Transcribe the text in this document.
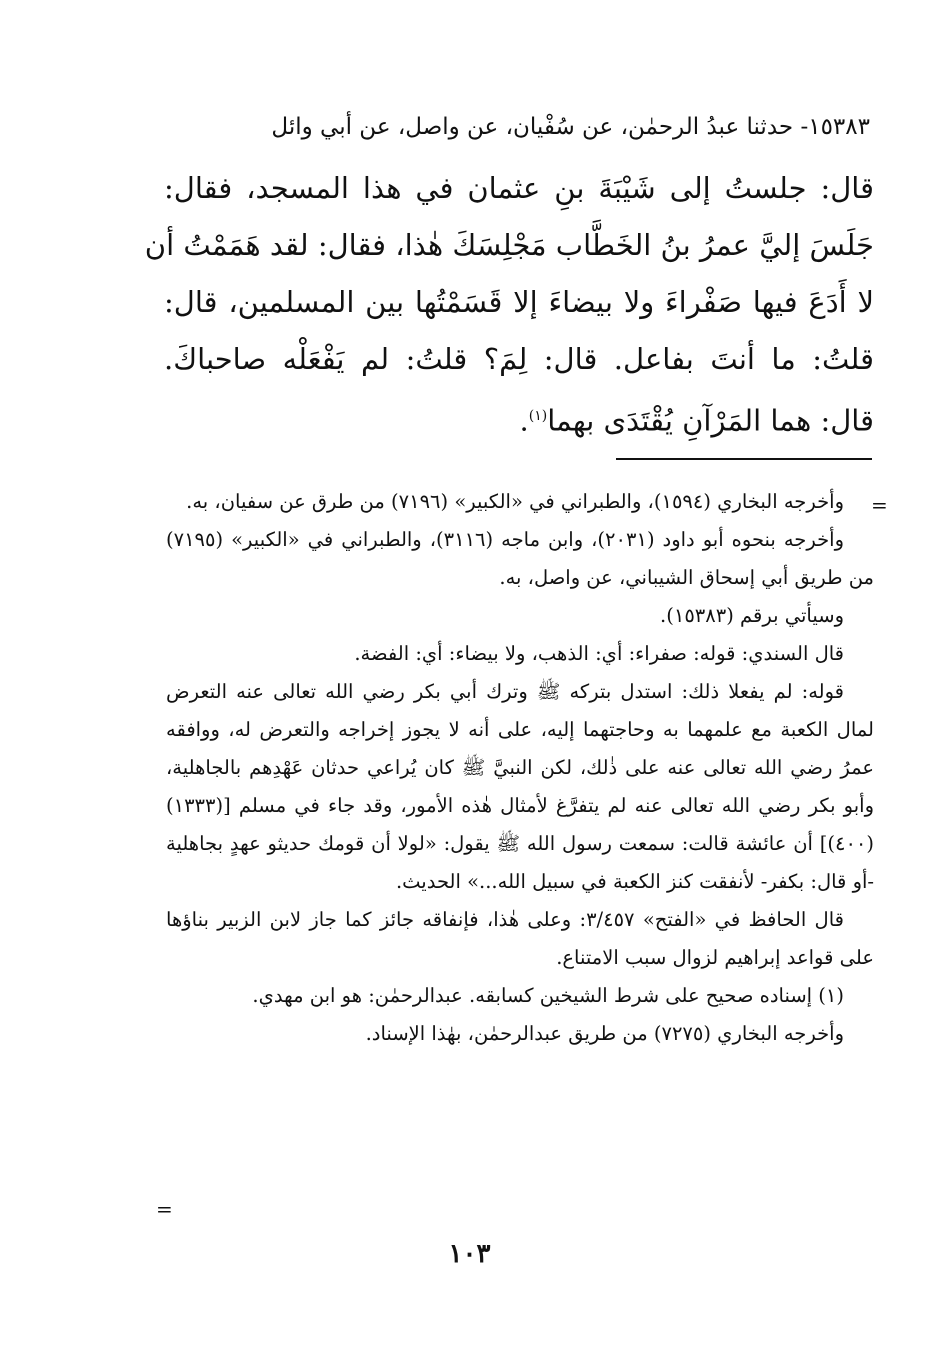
١٥٣٨٣- حدثنا عبدُ الرحمٰن، عن سُفْيان، عن واصل، عن أبي وائل
قال: جلستُ إلى شَيْبَةَ بنِ عثمان في هذا المسجد، فقال:
جَلَسَ إليَّ عمرُ بنُ الخَطَّاب مَجْلِسَكَ هٰذا، فقال: لقد هَمَمْتُ أن
لا أَدَعَ فيها صَفْراءَ ولا بيضاءَ إلا قَسَمْتُها بين المسلمين، قال:
قلتُ: ما أنتَ بفاعل. قال: لِمَ؟ قلتُ: لم يَفْعَلْه صاحباكَ.
قال: هما المَرْآنِ يُقْتَدَى بهما$^{(١)}$.
=

وأخرجه البخاري (١٥٩٤)، والطبراني في «الكبير» (٧١٩٦) من طرق عن سفيان، به.

وأخرجه بنحوه أبو داود (٢٠٣١)، وابن ماجه (٣١١٦)، والطبراني في «الكبير» (٧١٩٥) من طريق أبي إسحاق الشيباني، عن واصل، به.

وسيأتي برقم (١٥٣٨٣).

قال السندي: قوله: صفراء: أي: الذهب، ولا بيضاء: أي: الفضة.

قوله: لم يفعلا ذلك: استدل بتركه ﷺ وترك أبي بكر رضي الله تعالى عنه التعرض لمال الكعبة مع علمهما به وحاجتهما إليه، على أنه لا يجوز إخراجه والتعرض له، ووافقه عمرُ رضي الله تعالى عنه على ذٰلك، لكن النبيَّ ﷺ كان يُراعي حدثان عَهْدِهم بالجاهلية، وأبو بكر رضي الله تعالى عنه لم يتفرَّغ لأمثال هٰذه الأمور، وقد جاء في مسلم [(١٣٣٣)(٤٠٠)] أن عائشة قالت: سمعت رسول الله ﷺ يقول: «لولا أن قومك حديثو عهدٍ بجاهلية -أو قال: بكفر- لأنفقت كنز الكعبة في سبيل الله...» الحديث.

قال الحافظ في «الفتح» ٣/٤٥٧: وعلى هٰذا، فإنفاقه جائز كما جاز لابن الزبير بناؤها على قواعد إبراهيم لزوال سبب الامتناع.

(١) إسناده صحيح على شرط الشيخين كسابقه. عبدالرحمٰن: هو ابن مهدي.

وأخرجه البخاري (٧٢٧٥) من طريق عبدالرحمٰن، بهٰذا الإسناد.

=
١٠٣
